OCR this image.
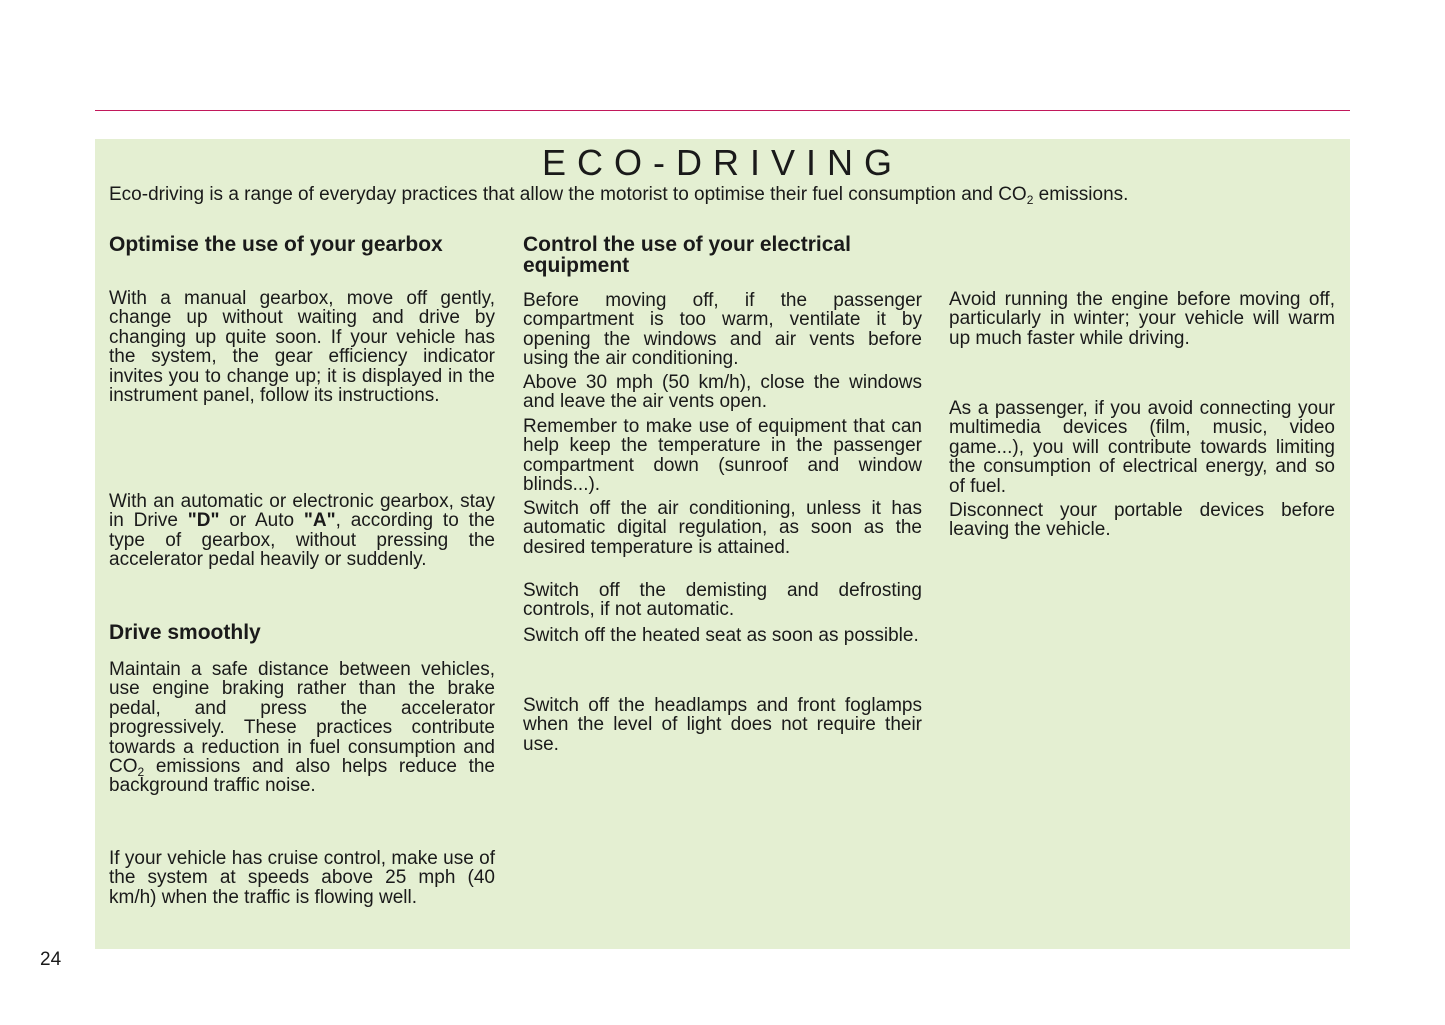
ECO-DRIVING

Eco-driving is a range of everyday practices that allow the motorist to optimise their fuel consumption and $CO_2$ emissions.

Optimise the use of your gearbox

With a manual gearbox, move off gently, change up without waiting and drive by changing up quite soon. If your vehicle has the system, the gear efficiency indicator invites you to change up; it is displayed in the instrument panel, follow its instructions.

With an automatic or electronic gearbox, stay in Drive "D" or Auto "A", according to the type of gearbox, without pressing the accelerator pedal heavily or suddenly.

Drive smoothly

Maintain a safe distance between vehicles, use engine braking rather than the brake pedal, and press the accelerator progressively. These practices contribute towards a reduction in fuel consumption and $CO_2$ emissions and also helps reduce the background traffic noise.

If your vehicle has cruise control, make use of the system at speeds above 25 mph (40 km/h) when the traffic is flowing well.

Control the use of your electrical equipment

Before moving off, if the passenger compartment is too warm, ventilate it by opening the windows and air vents before using the air conditioning.

Above 30 mph (50 km/h), close the windows and leave the air vents open.

Remember to make use of equipment that can help keep the temperature in the passenger compartment down (sunroof and window blinds...).

Switch off the air conditioning, unless it has automatic digital regulation, as soon as the desired temperature is attained.

Switch off the demisting and defrosting controls, if not automatic.

Switch off the heated seat as soon as possible.

Switch off the headlamps and front foglamps when the level of light does not require their use.

Avoid running the engine before moving off, particularly in winter; your vehicle will warm up much faster while driving.

As a passenger, if you avoid connecting your multimedia devices (film, music, video game...), you will contribute towards limiting the consumption of electrical energy, and so of fuel.

Disconnect your portable devices before leaving the vehicle.

24
